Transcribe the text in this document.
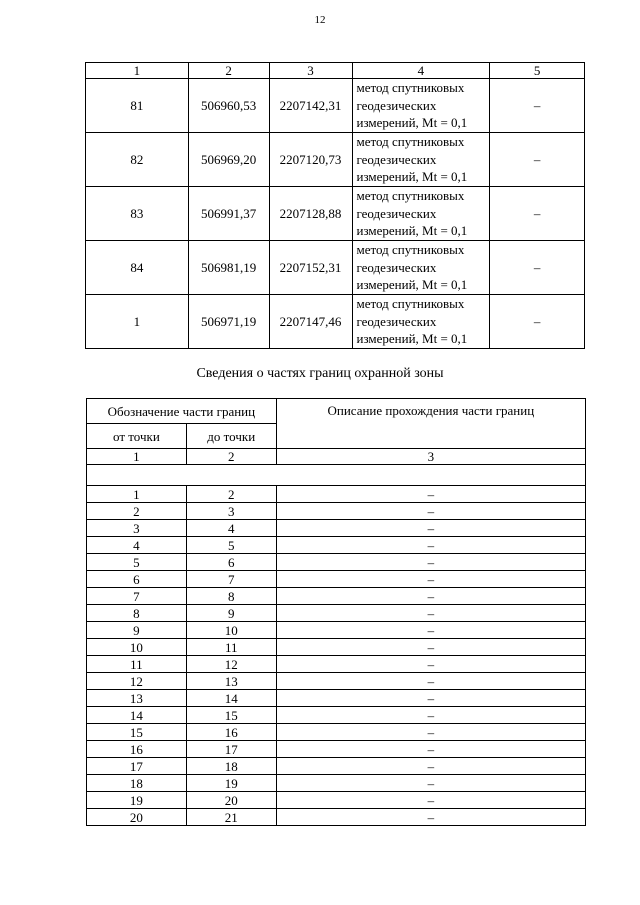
12
1	2	3	4	5
81	506960,53	2207142,31	метод спутниковых
геодезических
измерений, Mt = 0,1	–
82	506969,20	2207120,73	метод спутниковых
геодезических
измерений, Mt = 0,1	–
83	506991,37	2207128,88	метод спутниковых
геодезических
измерений, Mt = 0,1	–
84	506981,19	2207152,31	метод спутниковых
геодезических
измерений, Mt = 0,1	–
1	506971,19	2207147,46	метод спутниковых
геодезических
измерений, Mt = 0,1	–
Сведения о частях границ охранной зоны
Обозначение части границ		Описание прохождения части границ
от точки	до точки	
1	2	3

1	2	–
2	3	–
3	4	–
4	5	–
5	6	–
6	7	–
7	8	–
8	9	–
9	10	–
10	11	–
11	12	–
12	13	–
13	14	–
14	15	–
15	16	–
16	17	–
17	18	–
18	19	–
19	20	–
20	21	–
